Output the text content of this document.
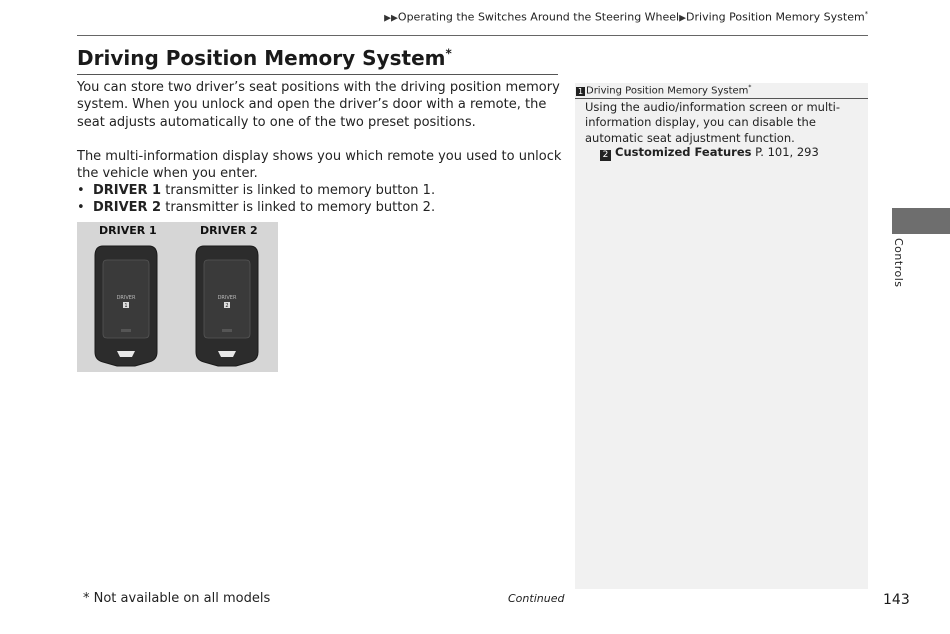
▶▶Operating the Switches Around the Steering Wheel▶Driving Position Memory System*
Driving Position Memory System*
You can store two driver’s seat positions with the driving position memory system. When you unlock and open the driver’s door with a remote, the seat adjusts automatically to one of the two preset positions.
The multi-information display shows you which remote you used to unlock the vehicle when you enter.
•  DRIVER 1 transmitter is linked to memory button 1.
•  DRIVER 2 transmitter is linked to memory button 2.
DRIVER 1	DRIVER 2
DRIVER
1
DRIVER
2
1 Driving Position Memory System*
Using the audio/information screen or multi-information display, you can disable the automatic seat adjustment function.
2 Customized Features P. 101, 293
Controls
* Not available on all models	Continued	143
